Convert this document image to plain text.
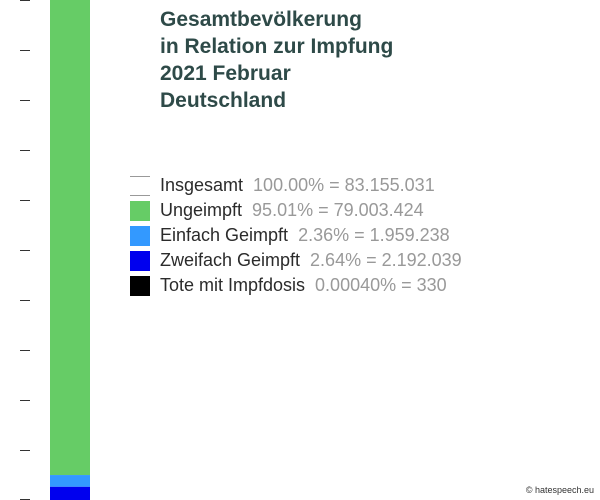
Gesamtbevölkerung
in Relation zur Impfung
2021 Februar
Deutschland
Insgesamt 100.00% = 83.155.031
Ungeimpft 95.01% = 79.003.424
Einfach Geimpft 2.36% = 1.959.238
Zweifach Geimpft 2.64% = 2.192.039
Tote mit Impfdosis 0.00040% = 330
© hatespeech.eu
